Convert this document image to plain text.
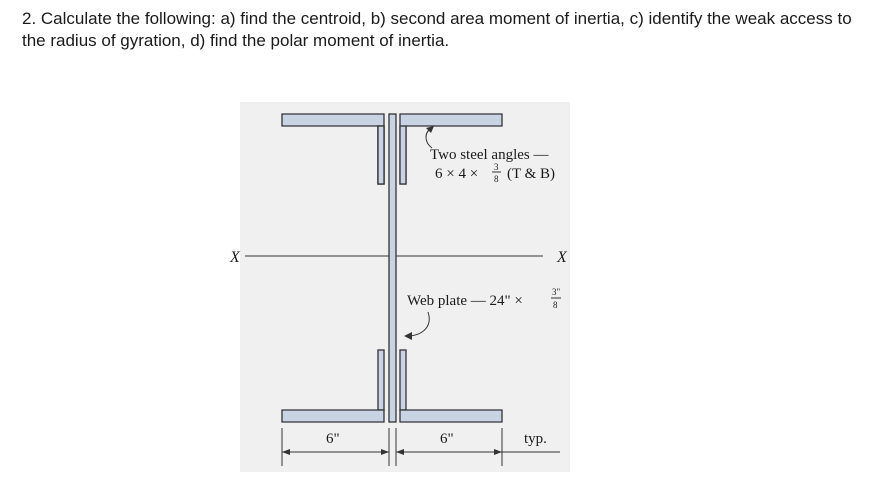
2. Calculate the following: a) find the centroid, b) second area moment of inertia, c) identify the weak access to the radius of gyration, d) find the polar moment of inertia.
X	X
Two steel angles —
6 × 4 × 3
8 (T & B)
Web plate — 24" ×
3"
8
6"	6"	typ.
